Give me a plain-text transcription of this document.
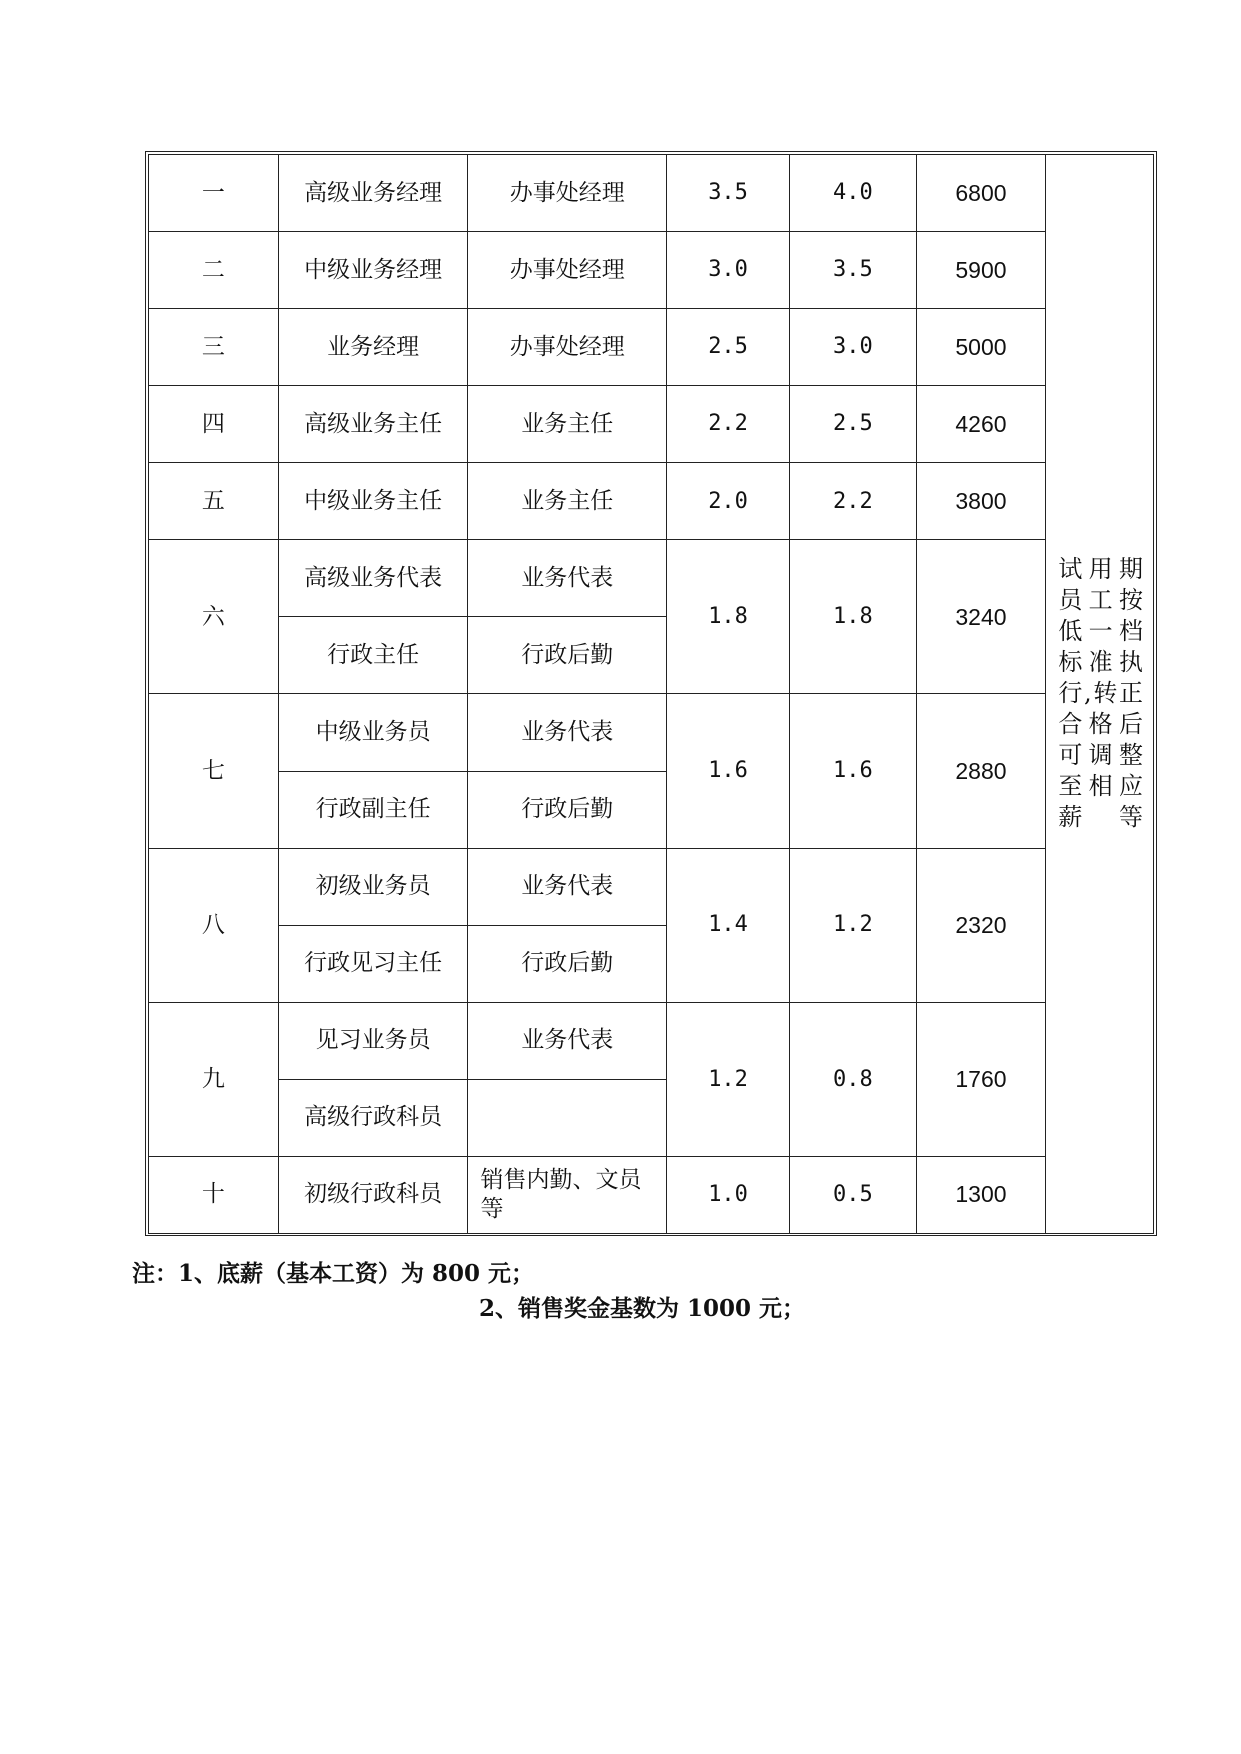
一	高级业务经理	办事处经理	3.5	4.0	6800	试用期员工按低一档标准执行,转正合格后可调整至相应薪等
二	中级业务经理	办事处经理	3.0	3.5	5900	
三	业务经理	办事处经理	2.5	3.0	5000	
四	高级业务主任	业务主任	2.2	2.5	4260	
五	中级业务主任	业务主任	2.0	2.2	3800	
六	高级业务代表	业务代表	1.8	1.8	3240	
	行政主任	行政后勤				
七	中级业务员	业务代表	1.6	1.6	2880	
	行政副主任	行政后勤				
八	初级业务员	业务代表	1.4	1.2	2320	
	行政见习主任	行政后勤				
九	见习业务员	业务代表	1.2	0.8	1760	
	高级行政科员					
十	初级行政科员	销售内勤、文员等	1.0	0.5	1300	
注：1、底薪（基本工资）为 800 元；
2、销售奖金基数为 1000 元；
